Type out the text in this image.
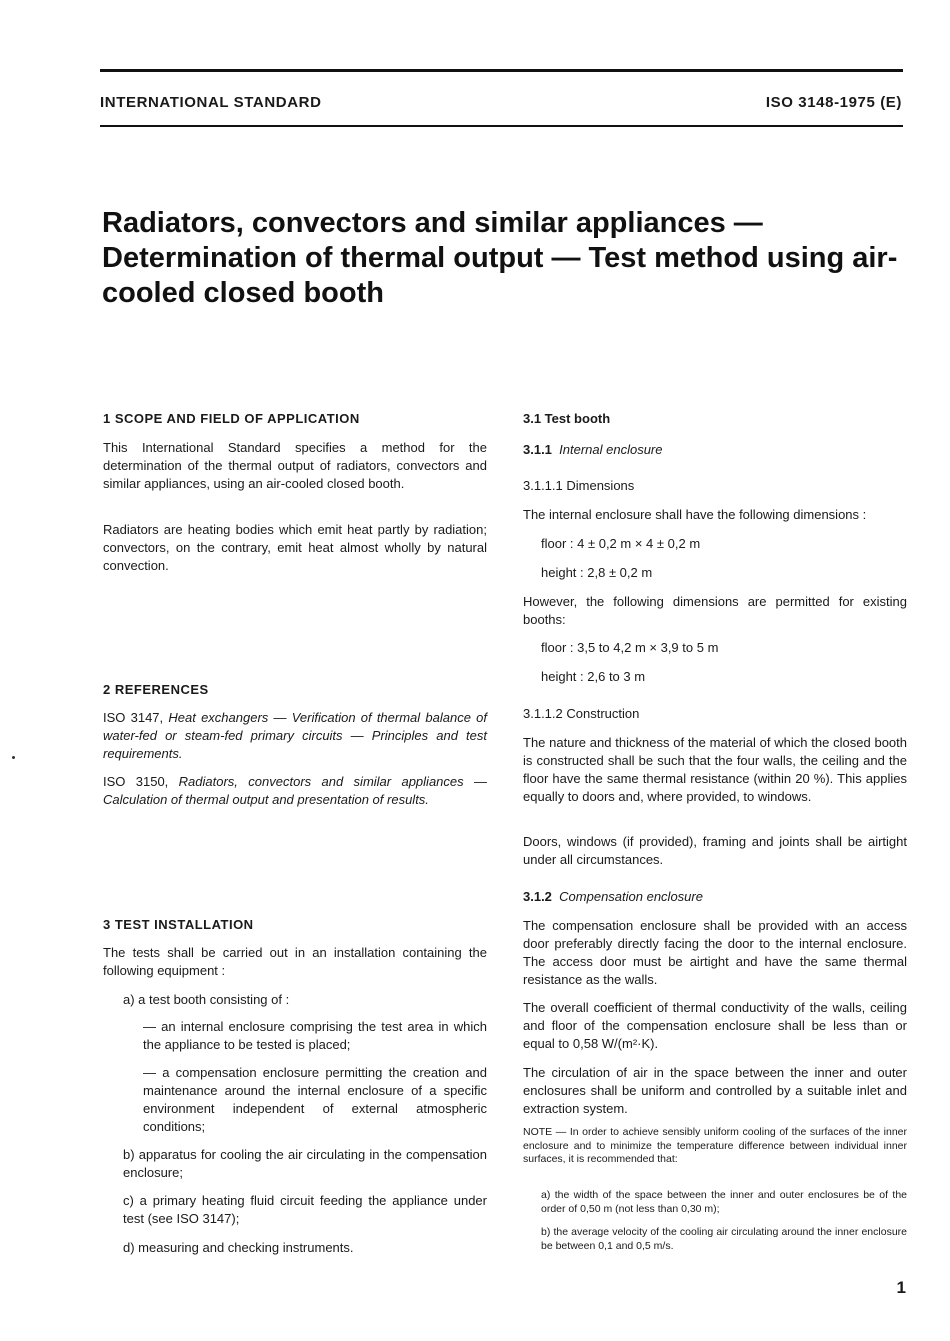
INTERNATIONAL STANDARD	ISO 3148-1975 (E)
Radiators, convectors and similar appliances — Determination of thermal output — Test method using air-cooled closed booth

1 SCOPE AND FIELD OF APPLICATION

This International Standard specifies a method for the determination of the thermal output of radiators, convectors and similar appliances, using an air-cooled closed booth.

Radiators are heating bodies which emit heat partly by radiation; convectors, on the contrary, emit heat almost wholly by natural convection.

2 REFERENCES

ISO 3147, Heat exchangers — Verification of thermal balance of water-fed or steam-fed primary circuits — Principles and test requirements.

ISO 3150, Radiators, convectors and similar appliances — Calculation of thermal output and presentation of results.

3 TEST INSTALLATION

The tests shall be carried out in an installation containing the following equipment :

a) a test booth consisting of :

— an internal enclosure comprising the test area in which the appliance to be tested is placed;

— a compensation enclosure permitting the creation and maintenance around the internal enclosure of a specific environment independent of external atmospheric conditions;

b) apparatus for cooling the air circulating in the compensation enclosure;

c) a primary heating fluid circuit feeding the appliance under test (see ISO 3147);

d) measuring and checking instruments.

3.1 Test booth

3.1.1 Internal enclosure

3.1.1.1 Dimensions

The internal enclosure shall have the following dimensions :

floor : 4 ± 0,2 m × 4 ± 0,2 m

height : 2,8 ± 0,2 m

However, the following dimensions are permitted for existing booths:

floor : 3,5 to 4,2 m × 3,9 to 5 m

height : 2,6 to 3 m

3.1.1.2 Construction

The nature and thickness of the material of which the closed booth is constructed shall be such that the four walls, the ceiling and the floor have the same thermal resistance (within 20 %). This applies equally to doors and, where provided, to windows.

Doors, windows (if provided), framing and joints shall be airtight under all circumstances.

3.1.2 Compensation enclosure

The compensation enclosure shall be provided with an access door preferably directly facing the door to the internal enclosure. The access door must be airtight and have the same thermal resistance as the walls.

The overall coefficient of thermal conductivity of the walls, ceiling and floor of the compensation enclosure shall be less than or equal to 0,58 W/(m²·K).

The circulation of air in the space between the inner and outer enclosures shall be uniform and controlled by a suitable inlet and extraction system.

NOTE — In order to achieve sensibly uniform cooling of the surfaces of the inner enclosure and to minimize the temperature difference between individual inner surfaces, it is recommended that:

a) the width of the space between the inner and outer enclosures be of the order of 0,50 m (not less than 0,30 m);

b) the average velocity of the cooling air circulating around the inner enclosure be between 0,1 and 0,5 m/s.

1
